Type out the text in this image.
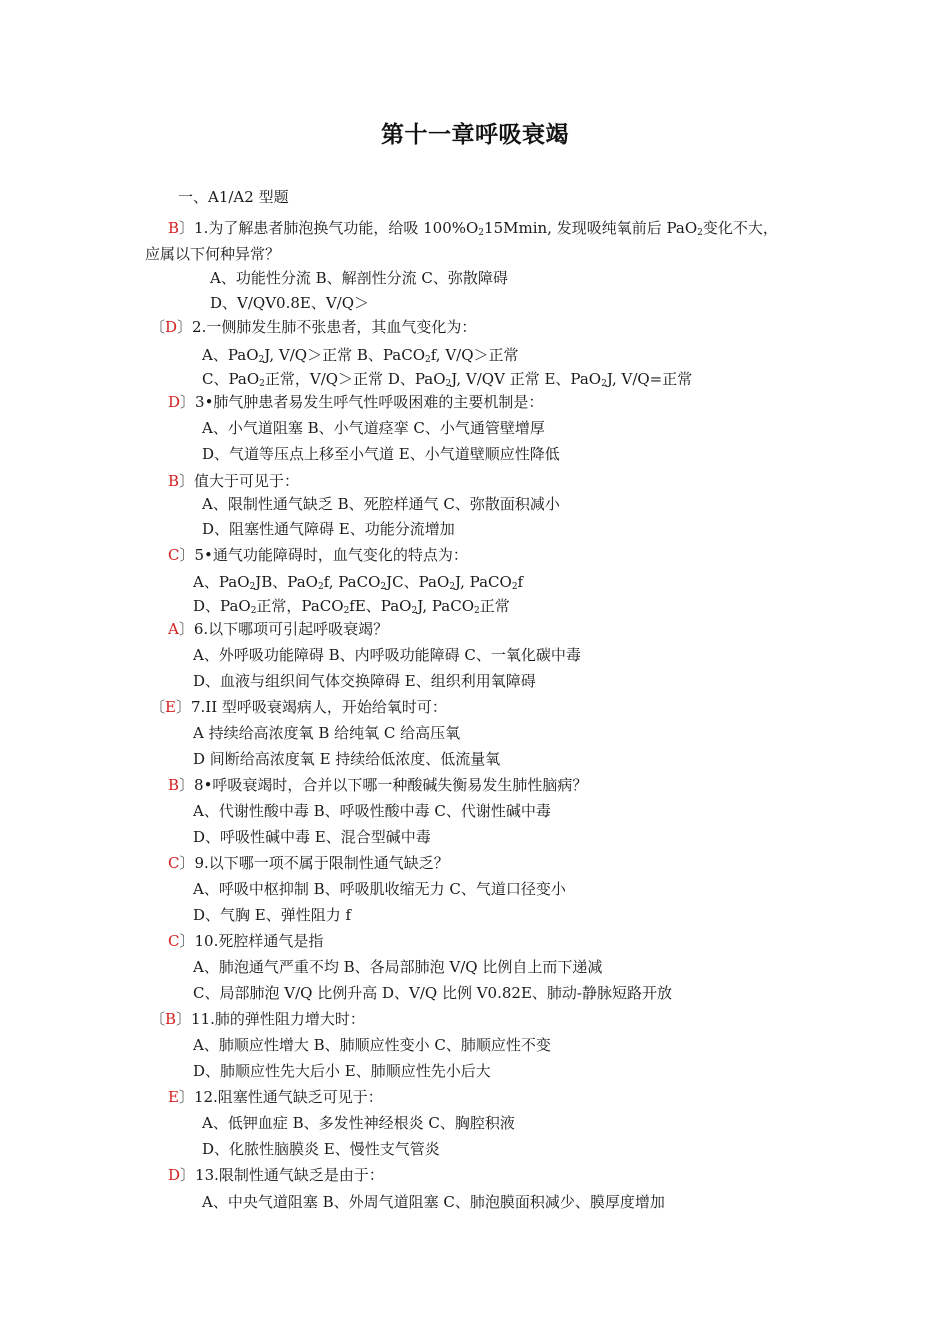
第十一章呼吸衰竭
一、A1/A2 型题
B〕1.为了解患者肺泡换气功能，给吸 $100\%O_215Mmin$, 发现吸纯氧前后 PaO$_2$变化不大，
应属以下何种异常？
A、功能性分流 B、解剖性分流 C、弥散障碍
D、V/QV0.8E、V/Q＞
〔D〕2.一侧肺发生肺不张患者，其血气变化为：
A、PaO$_2$J, V/Q＞正常 B、PaCO$_2$f, V/Q＞正常
C、PaO$_2$正常，V/Q＞正常 D、PaO$_2$J, V/QV 正常 E、PaO$_2$J, V/Q=正常
D〕3•肺气肿患者易发生呼气性呼吸困难的主要机制是：
A、小气道阻塞 B、小气道痉挛 C、小气通管壁增厚
D、气道等压点上移至小气道 E、小气道壁顺应性降低
B〕值大于可见于：
A、限制性通气缺乏 B、死腔样通气 C、弥散面积减小
D、阻塞性通气障碍 E、功能分流增加
C〕5•通气功能障碍时，血气变化的特点为：
A、PaO$_2$JB、PaO$_2$f, PaCO$_2$JC、PaO$_2$J, PaCO$_2$f
D、PaO$_2$正常，PaCO$_2$fE、PaO$_2$J, PaCO$_2$正常
A〕6.以下哪项可引起呼吸衰竭？
A、外呼吸功能障碍 B、内呼吸功能障碍 C、一氧化碳中毒
D、血液与组织间气体交换障碍 E、组织利用氧障碍
〔E〕7.II 型呼吸衰竭病人，开始给氧时可：
A 持续给高浓度氧 B 给纯氧 C 给高压氧
D 间断给高浓度氧 E 持续给低浓度、低流量氧
B〕8•呼吸衰竭时，合并以下哪一种酸碱失衡易发生肺性脑病？
A、代谢性酸中毒 B、呼吸性酸中毒 C、代谢性碱中毒
D、呼吸性碱中毒 E、混合型碱中毒
C〕9.以下哪一项不属于限制性通气缺乏？
A、呼吸中枢抑制 B、呼吸肌收缩无力 C、气道口径变小
D、气胸 E、弹性阻力 f
C〕10.死腔样通气是指
A、肺泡通气严重不均 B、各局部肺泡 V/Q 比例自上而下递减
C、局部肺泡 V/Q 比例升高 D、V/Q 比例 V0.82E、肺动-静脉短路开放
〔B〕11.肺的弹性阻力增大时：
A、肺顺应性增大 B、肺顺应性变小 C、肺顺应性不变
D、肺顺应性先大后小 E、肺顺应性先小后大
E〕12.阻塞性通气缺乏可见于：
A、低钾血症 B、多发性神经根炎 C、胸腔积液
D、化脓性脑膜炎 E、慢性支气管炎
D〕13.限制性通气缺乏是由于：
A、中央气道阻塞 B、外周气道阻塞 C、肺泡膜面积减少、膜厚度增加
